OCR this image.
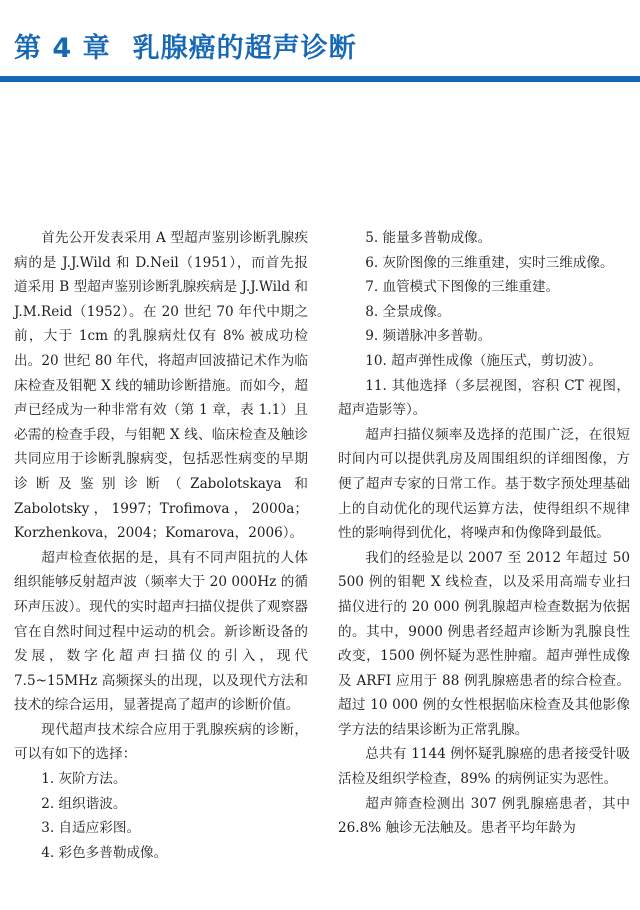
第 4 章 乳腺癌的超声诊断

首先公开发表采用 A 型超声鉴别诊断乳腺疾病的是 J.J.Wild 和 D.Neil（1951），而首先报道采用 B 型超声鉴别诊断乳腺疾病是 J.J.Wild 和 J.M.Reid（1952）。在 20 世纪 70 年代中期之前，大于 1cm 的乳腺病灶仅有 8% 被成功检出。20 世纪 80 年代，将超声回波描记术作为临床检查及钼靶 X 线的辅助诊断措施。而如今，超声已经成为一种非常有效（第 1 章，表 1.1）且必需的检查手段，与钼靶 X 线、临床检查及触诊共同应用于诊断乳腺病变，包括恶性病变的早期诊断及鉴别诊断（Zabolotskaya 和 Zabolotsky，1997；Trofimova，2000a；Korzhenkova，2004；Komarova，2006）。

超声检查依据的是，具有不同声阻抗的人体组织能够反射超声波（频率大于 20 000Hz 的循环声压波）。现代的实时超声扫描仪提供了观察器官在自然时间过程中运动的机会。新诊断设备的发展，数字化超声扫描仪的引入，现代 7.5~15MHz 高频探头的出现，以及现代方法和技术的综合运用，显著提高了超声的诊断价值。

现代超声技术综合应用于乳腺疾病的诊断，可以有如下的选择：

1. 灰阶方法。
2. 组织谐波。
3. 自适应彩图。
4. 彩色多普勒成像。
5. 能量多普勒成像。
6. 灰阶图像的三维重建，实时三维成像。
7. 血管模式下图像的三维重建。
8. 全景成像。
9. 频谱脉冲多普勒。
10. 超声弹性成像（施压式，剪切波）。

11. 其他选择（多层视图，容积 CT 视图，超声造影等）。

超声扫描仪频率及选择的范围广泛，在很短时间内可以提供乳房及周围组织的详细图像，方便了超声专家的日常工作。基于数字预处理基础上的自动优化的现代运算方法，使得组织不规律性的影响得到优化，将噪声和伪像降到最低。

我们的经验是以 2007 至 2012 年超过 50 500 例的钼靶 X 线检查，以及采用高端专业扫描仪进行的 20 000 例乳腺超声检查数据为依据的。其中，9000 例患者经超声诊断为乳腺良性改变，1500 例怀疑为恶性肿瘤。超声弹性成像及 ARFI 应用于 88 例乳腺癌患者的综合检查。超过 10 000 例的女性根据临床检查及其他影像学方法的结果诊断为正常乳腺。

总共有 1144 例怀疑乳腺癌的患者接受针吸活检及组织学检查，89% 的病例证实为恶性。

超声筛查检测出 307 例乳腺癌患者，其中 26.8% 触诊无法触及。患者平均年龄为
